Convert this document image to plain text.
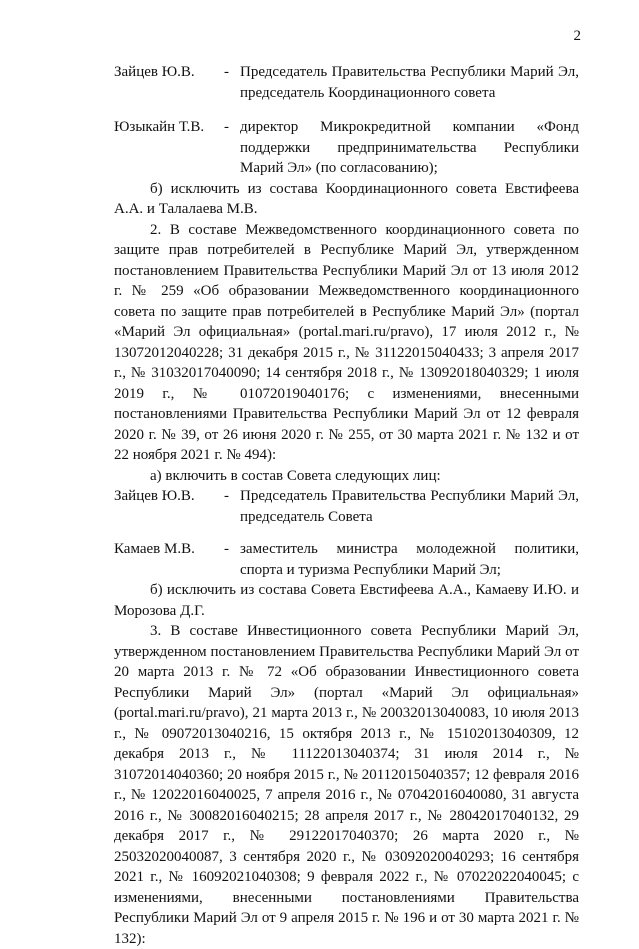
2
Зайцев Ю.В.	- Председатель Правительства Республики Марий Эл, председатель Координационного совета
Юзыкайн Т.В.	- директор Микрокредитной компании «Фонд поддержки предпринимательства Республики Марий Эл» (по согласованию);

б) исключить из состава Координационного совета Евстифеева А.А. и Талалаева М.В.

2. В составе Межведомственного координационного совета по защите прав потребителей в Республике Марий Эл, утвержденном постановлением Правительства Республики Марий Эл от 13 июля 2012 г. № 259 «Об образовании Межведомственного координационного совета по защите прав потребителей в Республике Марий Эл» (портал «Марий Эл официальная» (portal.mari.ru/pravo), 17 июля 2012 г., № 13072012040228; 31 декабря 2015 г., № 31122015040433; 3 апреля 2017 г., № 31032017040090; 14 сентября 2018 г., № 13092018040329; 1 июля 2019 г., № 01072019040176; с изменениями, внесенными постановлениями Правительства Республики Марий Эл от 12 февраля 2020 г. № 39, от 26 июня 2020 г. № 255, от 30 марта 2021 г. № 132 и от 22 ноября 2021 г. № 494):

а) включить в состав Совета следующих лиц:

Зайцев Ю.В.	- Председатель Правительства Республики Марий Эл, председатель Совета
Камаев М.В.	- заместитель министра молодежной политики, спорта и туризма Республики Марий Эл;

б) исключить из состава Совета Евстифеева А.А., Камаеву И.Ю. и Морозова Д.Г.

3. В составе Инвестиционного совета Республики Марий Эл, утвержденном постановлением Правительства Республики Марий Эл от 20 марта 2013 г. № 72 «Об образовании Инвестиционного совета Республики Марий Эл» (портал «Марий Эл официальная» (portal.mari.ru/pravo), 21 марта 2013 г., № 20032013040083, 10 июля 2013 г., № 09072013040216, 15 октября 2013 г., № 15102013040309, 12 декабря 2013 г., № 11122013040374; 31 июля 2014 г., № 31072014040360; 20 ноября 2015 г., № 20112015040357; 12 февраля 2016 г., № 12022016040025, 7 апреля 2016 г., № 07042016040080, 31 августа 2016 г., № 30082016040215; 28 апреля 2017 г., № 28042017040132, 29 декабря 2017 г., № 29122017040370; 26 марта 2020 г., № 25032020040087, 3 сентября 2020 г., № 03092020040293; 16 сентября 2021 г., № 16092021040308; 9 февраля 2022 г., № 07022022040045; с изменениями, внесенными постановлениями Правительства Республики Марий Эл от 9 апреля 2015 г. № 196 и от 30 марта 2021 г. № 132):
